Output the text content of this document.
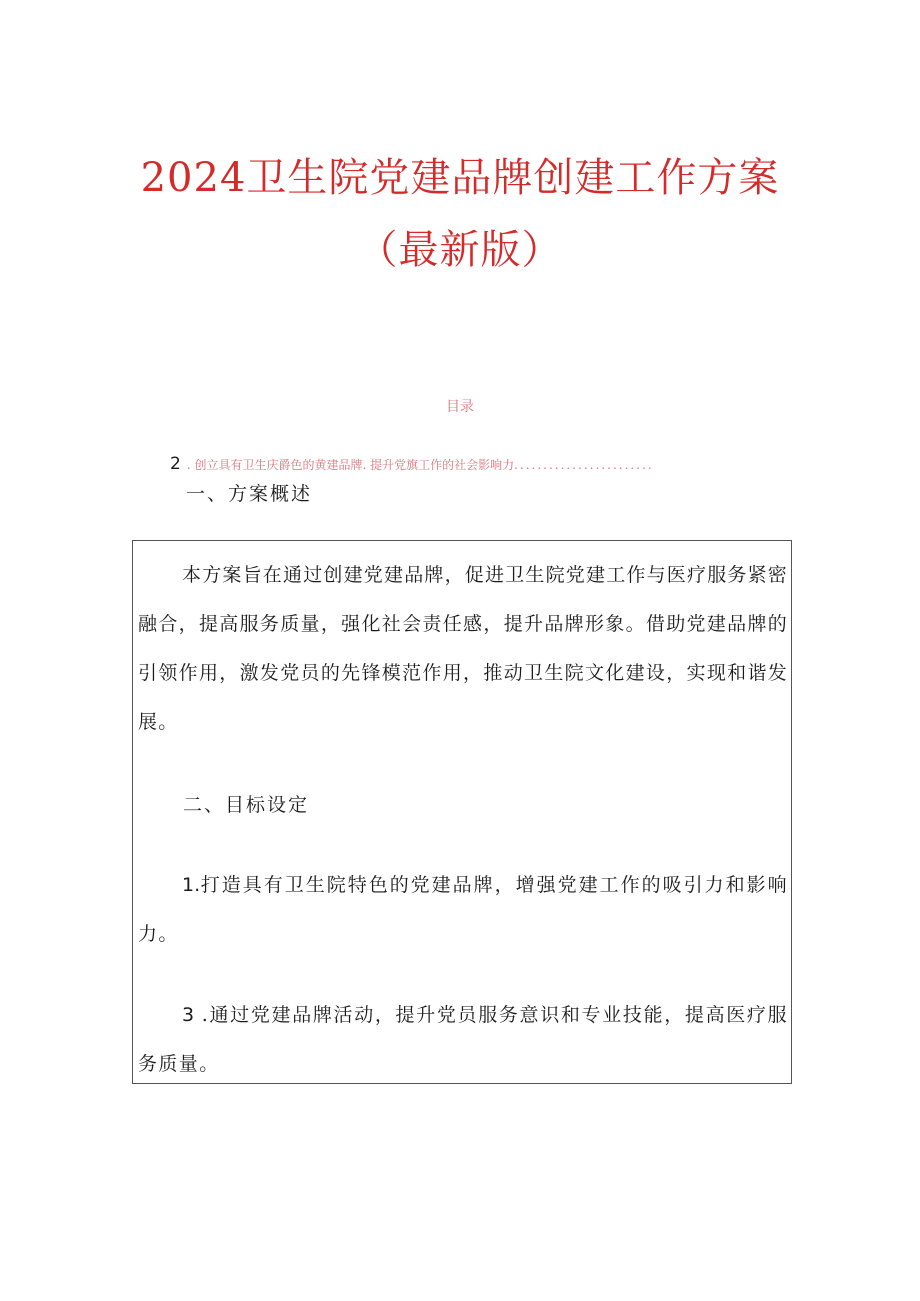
2024卫生院党建品牌创建工作方案
（最新版）
目录
2 . 创立具有卫生庆爵色的黄建品牌. 提升党旗工作的社会影响力........................
一、方案概述

本方案旨在通过创建党建品牌，促进卫生院党建工作与医疗服务紧密融合，提高服务质量，强化社会责任感，提升品牌形象。借助党建品牌的引领作用，激发党员的先锋模范作用，推动卫生院文化建设，实现和谐发展。

二、目标设定

1.打造具有卫生院特色的党建品牌，增强党建工作的吸引力和影响力。

3 .通过党建品牌活动，提升党员服务意识和专业技能，提高医疗服务质量。
